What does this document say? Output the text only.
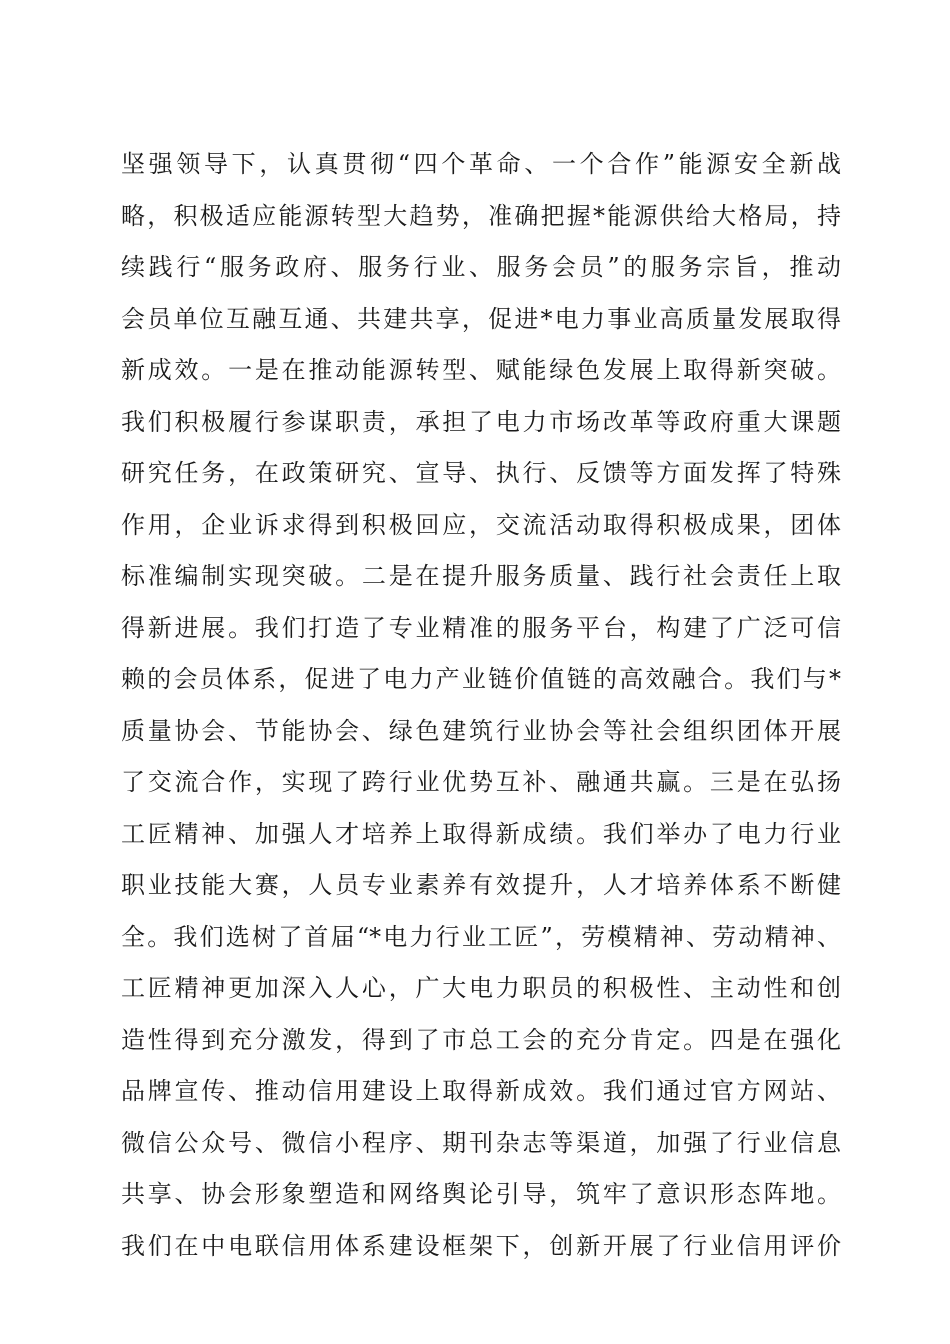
坚强领导下，认真贯彻“四个革命、一个合作”能源安全新战
略，积极适应能源转型大趋势，准确把握*能源供给大格局，持
续践行“服务政府、服务行业、服务会员”的服务宗旨，推动
会员单位互融互通、共建共享，促进*电力事业高质量发展取得
新成效。一是在推动能源转型、赋能绿色发展上取得新突破。
我们积极履行参谋职责，承担了电力市场改革等政府重大课题
研究任务，在政策研究、宣导、执行、反馈等方面发挥了特殊
作用，企业诉求得到积极回应，交流活动取得积极成果，团体
标准编制实现突破。二是在提升服务质量、践行社会责任上取
得新进展。我们打造了专业精准的服务平台，构建了广泛可信
赖的会员体系，促进了电力产业链价值链的高效融合。我们与*
质量协会、节能协会、绿色建筑行业协会等社会组织团体开展
了交流合作，实现了跨行业优势互补、融通共赢。三是在弘扬
工匠精神、加强人才培养上取得新成绩。我们举办了电力行业
职业技能大赛，人员专业素养有效提升，人才培养体系不断健
全。我们选树了首届“*电力行业工匠”，劳模精神、劳动精神、
工匠精神更加深入人心，广大电力职员的积极性、主动性和创
造性得到充分激发，得到了市总工会的充分肯定。四是在强化
品牌宣传、推动信用建设上取得新成效。我们通过官方网站、
微信公众号、微信小程序、期刊杂志等渠道，加强了行业信息
共享、协会形象塑造和网络舆论引导，筑牢了意识形态阵地。
我们在中电联信用体系建设框架下，创新开展了行业信用评价
